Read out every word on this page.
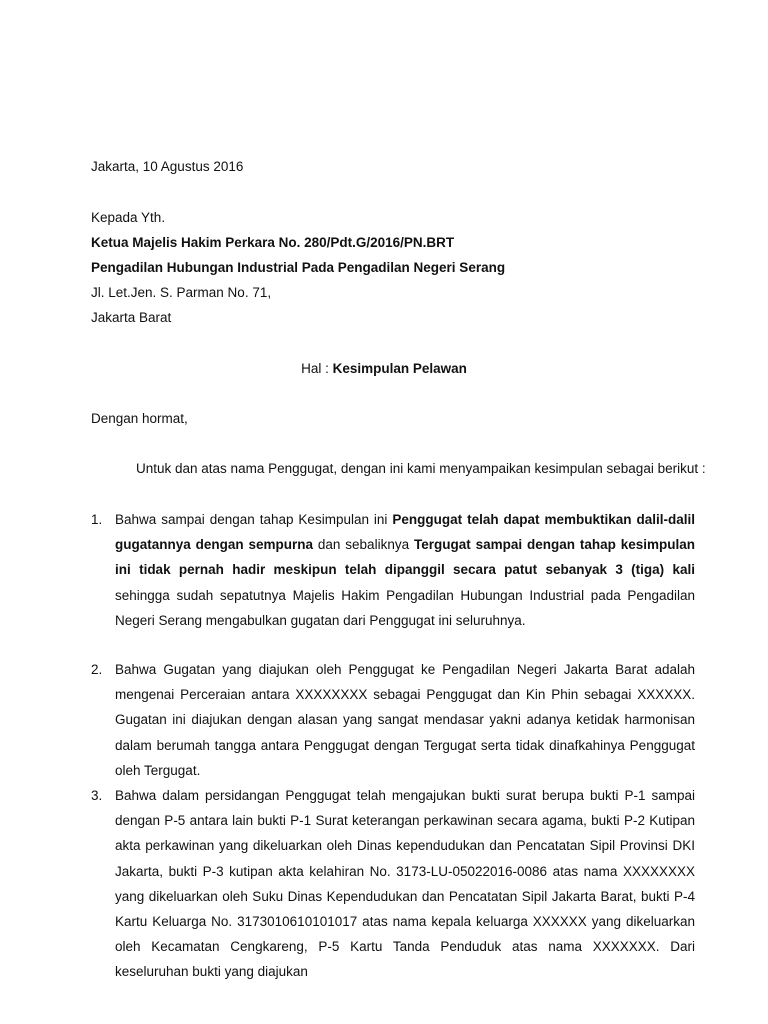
Jakarta, 10 Agustus 2016
Kepada Yth.
Ketua Majelis Hakim Perkara No. 280/Pdt.G/2016/PN.BRT
Pengadilan Hubungan Industrial Pada Pengadilan Negeri Serang
Jl. Let.Jen. S. Parman No. 71,
Jakarta Barat
Hal : Kesimpulan Pelawan
Dengan hormat,
Untuk dan atas nama Penggugat, dengan ini kami menyampaikan kesimpulan sebagai berikut :
1. Bahwa sampai dengan tahap Kesimpulan ini Penggugat telah dapat membuktikan dalil-dalil gugatannya dengan sempurna dan sebaliknya Tergugat sampai dengan tahap kesimpulan ini tidak pernah hadir meskipun telah dipanggil secara patut sebanyak 3 (tiga) kali sehingga sudah sepatutnya Majelis Hakim Pengadilan Hubungan Industrial pada Pengadilan Negeri Serang mengabulkan gugatan dari Penggugat ini seluruhnya.
2. Bahwa Gugatan yang diajukan oleh Penggugat ke Pengadilan Negeri Jakarta Barat adalah mengenai Perceraian antara XXXXXXXX sebagai Penggugat dan Kin Phin sebagai XXXXXX. Gugatan ini diajukan dengan alasan yang sangat mendasar yakni adanya ketidak harmonisan dalam berumah tangga antara Penggugat dengan Tergugat serta tidak dinafkahinya Penggugat oleh Tergugat.
3. Bahwa dalam persidangan Penggugat telah mengajukan bukti surat berupa bukti P-1 sampai dengan P-5 antara lain bukti P-1 Surat keterangan perkawinan secara agama, bukti P-2 Kutipan akta perkawinan yang dikeluarkan oleh Dinas kependudukan dan Pencatatan Sipil Provinsi DKI Jakarta, bukti P-3 kutipan akta kelahiran No. 3173-LU-05022016-0086 atas nama XXXXXXXX yang dikeluarkan oleh Suku Dinas Kependudukan dan Pencatatan Sipil Jakarta Barat, bukti P-4 Kartu Keluarga No. 3173010610101017 atas nama kepala keluarga XXXXXX yang dikeluarkan oleh Kecamatan Cengkareng, P-5 Kartu Tanda Penduduk atas nama XXXXXXX. Dari keseluruhan bukti yang diajukan
